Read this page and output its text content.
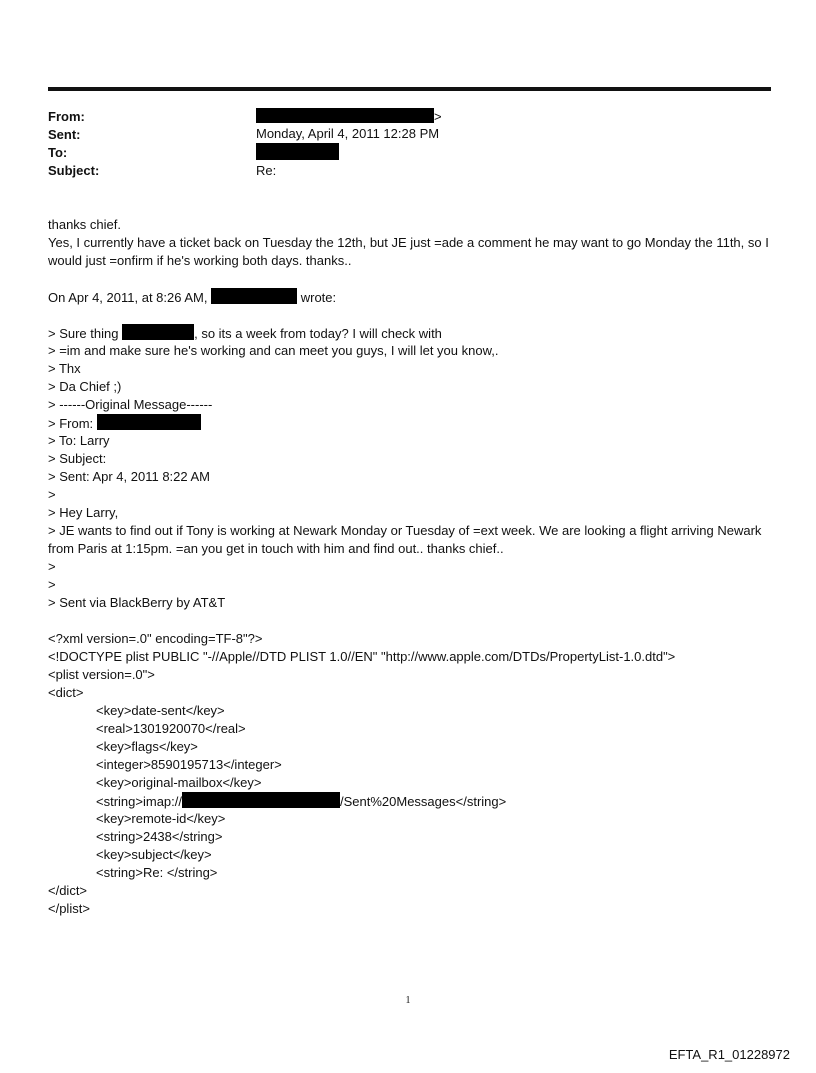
From:	>
Sent:	Monday, April 4, 2011 12:28 PM
To:
Subject:	Re:
thanks chief.
Yes, I currently have a ticket back on Tuesday the 12th, but JE just =ade a comment he may want to go Monday the 11th, so I would just =onfirm if he's working both days. thanks..
On Apr 4, 2011, at 8:26 AM,	wrote:
> Sure thing	, so its a week from today? I will check with
> =im and make sure he's working and can meet you guys, I will let you know,.
> Thx
> Da Chief ;)
> ------Original Message------
> From:
> To: Larry
> Subject:
> Sent: Apr 4, 2011 8:22 AM
>
> Hey Larry,
> JE wants to find out if Tony is working at Newark Monday or Tuesday of =ext week. We are looking a flight arriving Newark from Paris at 1:15pm. =an you get in touch with him and find out.. thanks chief..
>
>
> Sent via BlackBerry by AT&T
<?xml version=.0" encoding=TF-8"?>
<!DOCTYPE plist PUBLIC "-//Apple//DTD PLIST 1.0//EN" "http://www.apple.com/DTDs/PropertyList-1.0.dtd">
<plist version=.0">
<dict>
<key>date-sent</key>
<real>1301920070</real>
<key>flags</key>
<integer>8590195713</integer>
<key>original-mailbox</key>
<string>imap://	/Sent%20Messages</string>
<key>remote-id</key>
<string>2438</string>
<key>subject</key>
<string>Re: </string>
</dict>
</plist>
1
EFTA_R1_01228972
